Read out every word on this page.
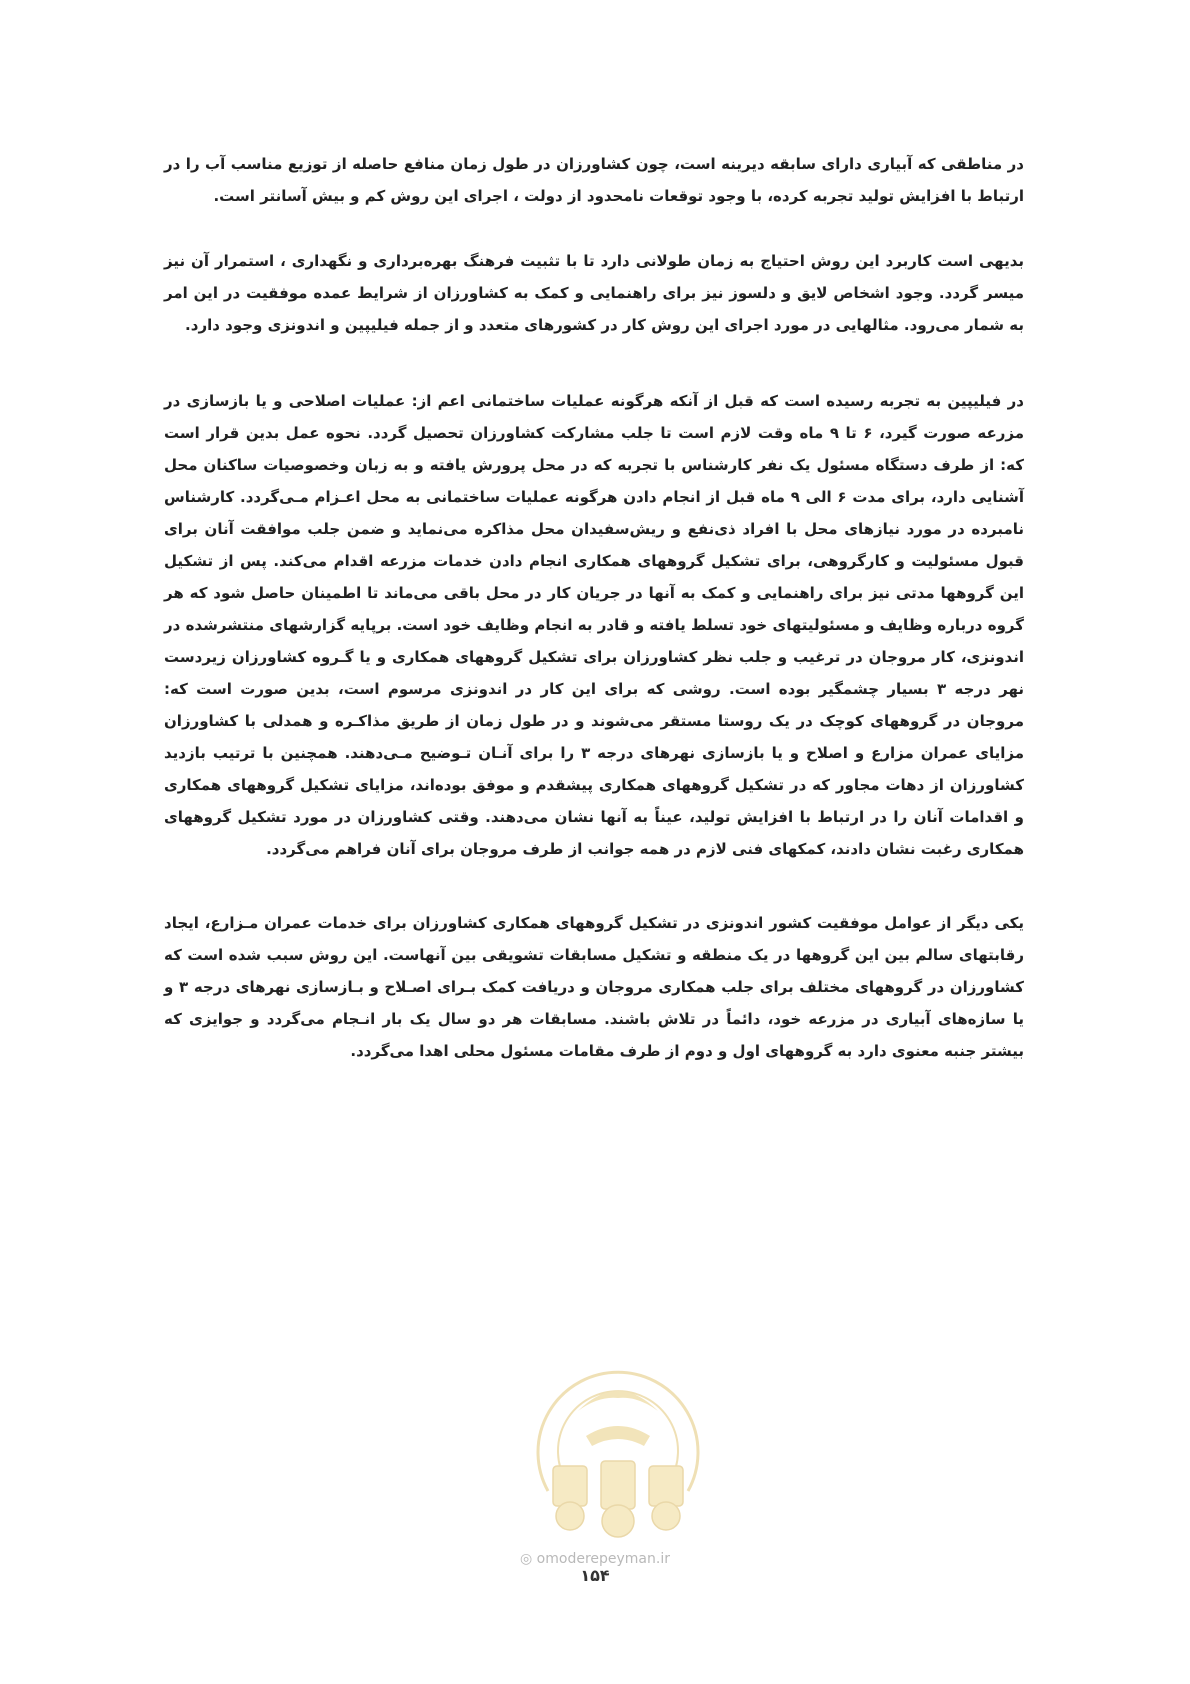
در مناطقی که آبیاری دارای سابقه دیرینه است، چون کشاورزان در طول زمان منافع حاصله از توزیع مناسب آب را در ارتباط با افزایش تولید تجربه کرده، با وجود توقعات نامحدود از دولت ، اجرای این روش کم و بیش آسانتر است.

بدیهی است کاربرد این روش احتیاج به زمان طولانی دارد تا با تثبیت فرهنگ بهره‌برداری و نگهداری ، استمرار آن نیز میسر گردد. وجود اشخاص لایق و دلسوز نیز برای راهنمایی و کمک به کشاورزان از شرایط عمده موفقیت در این امر به شمار می‌رود. مثالهایی در مورد اجرای این روش کار در کشورهای متعدد و از جمله فیلیپین و اندونزی وجود دارد.

در فیلیپین به تجربه رسیده است که قبل از آنکه هرگونه عملیات ساختمانی اعم از: عملیات اصلاحی و یا بازسازی در مزرعه صورت گیرد، ۶ تا ۹ ماه وقت لازم است تا جلب مشارکت کشاورزان تحصیل گردد. نحوه عمل بدین قرار است که: از طرف دستگاه مسئول یک نفر کارشناس با تجربه که در محل پرورش یافته و به زبان وخصوصیات ساکنان محل آشنایی دارد، برای مدت ۶ الی ۹ ماه قبل از انجام دادن هرگونه عملیات ساختمانی به محل اعـزام مـی‌گردد. کارشناس نامبرده در مورد نیازهای محل با افراد ذی‌نفع و ریش‌سفیدان محل مذاکره می‌نماید و ضمن جلب موافقت آنان برای قبول مسئولیت و کارگروهی، برای تشکیل گروههای همکاری انجام دادن خدمات مزرعه اقدام می‌کند. پس از تشکیل این گروهها مدتی نیز برای راهنمایی و کمک به آنها در جریان کار در محل باقی می‌ماند تا اطمینان حاصل شود که هر گروه درباره وظایف و مسئولیتهای خود تسلط یافته و قادر به انجام وظایف خود است. برپایه گزارشهای منتشرشده در اندونزی، کار مروجان در ترغیب و جلب نظر کشاورزان برای تشکیل گروههای همکاری و یا گـروه کشاورزان زیردست نهر درجه ۳ بسیار چشمگیر بوده است. روشی که برای این کار در اندونزی مرسوم است، بدین صورت است که: مروجان در گروههای کوچک در یک روستا مستقر می‌شوند و در طول زمان از طریق مذاکـره و همدلی با کشاورزان مزایای عمران مزارع و اصلاح و یا بازسازی نهرهای درجه ۳ را برای آنـان تـوضیح مـی‌دهند. همچنین با ترتیب بازدید کشاورزان از دهات مجاور که در تشکیل گروههای همکاری پیشقدم و موفق بوده‌اند، مزایای تشکیل گروههای همکاری و اقدامات آنان را در ارتباط با افزایش تولید، عیناً به آنها نشان می‌دهند. وقتی کشاورزان در مورد تشکیل گروههای همکاری رغبت نشان دادند، کمکهای فنی لازم در همه جوانب از طرف مروجان برای آنان فراهم می‌گردد.

یکی دیگر از عوامل موفقیت کشور اندونزی در تشکیل گروههای همکاری کشاورزان برای خدمات عمران مـزارع، ایجاد رقابتهای سالم بین این گروهها در یک منطقه و تشکیل مسابقات تشویقی بین آنهاست. این روش سبب شده است که کشاورزان در گروههای مختلف برای جلب همکاری مروجان و دریافت کمک بـرای اصـلاح و بـازسازی نهرهای درجه ۳ و یا سازه‌های آبیاری در مزرعه خود، دائماً در تلاش باشند. مسابقات هر دو سال یک بار انـجام می‌گردد و جوایزی که بیشتر جنبه معنوی دارد به گروههای اول و دوم از طرف مقامات مسئول محلی اهدا می‌گردد.

◎ omoderepeyman.ir
۱۵۴
